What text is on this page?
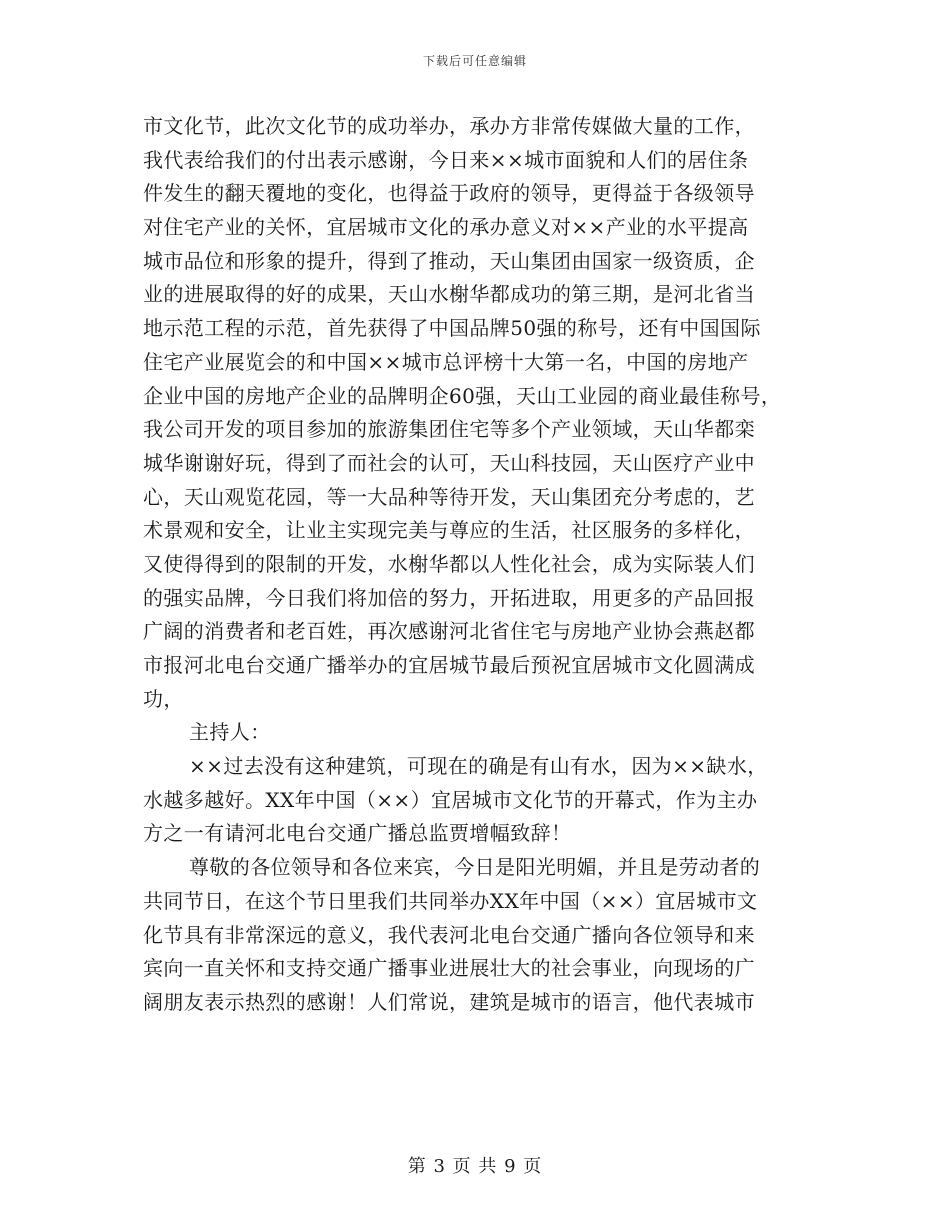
下载后可任意编辑
市文化节，此次文化节的成功举办，承办方非常传媒做大量的工作，
我代表给我们的付出表示感谢，今日来××城市面貌和人们的居住条
件发生的翻天覆地的变化，也得益于政府的领导，更得益于各级领导
对住宅产业的关怀，宜居城市文化的承办意义对××产业的水平提高
城市品位和形象的提升，得到了推动，天山集团由国家一级资质，企
业的进展取得的好的成果，天山水榭华都成功的第三期，是河北省当
地示范工程的示范，首先获得了中国品牌50强的称号，还有中国国际
住宅产业展览会的和中国××城市总评榜十大第一名，中国的房地产
企业中国的房地产企业的品牌明企60强，天山工业园的商业最佳称号，
我公司开发的项目参加的旅游集团住宅等多个产业领域，天山华都栾
城华谢谢好玩，得到了而社会的认可，天山科技园，天山医疗产业中
心，天山观览花园，等一大品种等待开发，天山集团充分考虑的，艺
术景观和安全，让业主实现完美与尊应的生活，社区服务的多样化，
又使得得到的限制的开发，水榭华都以人性化社会，成为实际装人们
的强实品牌，今日我们将加倍的努力，开拓进取，用更多的产品回报
广阔的消费者和老百姓，再次感谢河北省住宅与房地产业协会燕赵都
市报河北电台交通广播举办的宜居城节最后预祝宜居城市文化圆满成
功，
主持人：
××过去没有这种建筑，可现在的确是有山有水，因为××缺水，
水越多越好。XX年中国（××）宜居城市文化节的开幕式，作为主办
方之一有请河北电台交通广播总监贾增幅致辞！
尊敬的各位领导和各位来宾，今日是阳光明媚，并且是劳动者的
共同节日，在这个节日里我们共同举办XX年中国（××）宜居城市文
化节具有非常深远的意义，我代表河北电台交通广播向各位领导和来
宾向一直关怀和支持交通广播事业进展壮大的社会事业，向现场的广
阔朋友表示热烈的感谢！人们常说，建筑是城市的语言，他代表城市
第 3 页 共 9 页
